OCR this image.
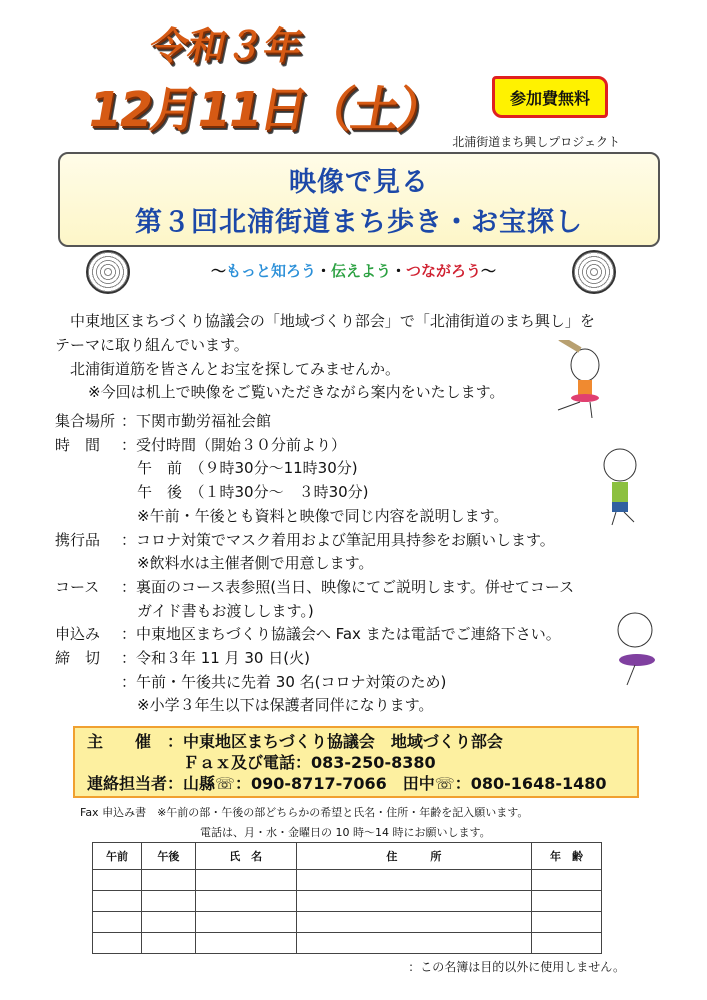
令和３年
12月11日（土）	参加費無料
北浦街道まち興しプロジェクト
映像で見る
第３回北浦街道まち歩き・お宝探し
～もっと知ろう・伝えよう・つながろう～
中東地区まちづくり協議会の「地域づくり部会」で「北浦街道のまち興し」を
テーマに取り組んでいます。
北浦街道筋を皆さんとお宝を探してみませんか。
※今回は机上で映像をご覧いただきながら案内をいたします。
集合場所 ：下関市勤労福祉会館
時　間 ：受付時間（開始３０分前より）
午　前　（９時30分～11時30分)
午　後　（１時30分～　３時30分)
※午前・午後とも資料と映像で同じ内容を説明します。
携行品 ：コロナ対策でマスク着用および筆記用具持参をお願いします。
※飲料水は主催者側で用意します。
コース ：裏面のコース表参照(当日、映像にてご説明します。併せてコース
ガイド書もお渡しします。)
申込み ：中東地区まちづくり協議会へ Fax または電話でご連絡下さい。
締　切 ：令和３年 11 月 30 日(火)
：午前・午後共に先着 30 名(コロナ対策のため)
※小学３年生以下は保護者同伴になります。
主　　催　：中東地区まちづくり協議会　地域づくり部会
　　　　　　Ｆａｘ及び電話：083-250-8380
連絡担当者：山縣☏：090-8717-7066　田中☏：080-1648-1480
Fax 申込み書　※午前の部・午後の部どちらかの希望と氏名・住所・年齢を記入願います。
電話は、月・水・金曜日の 10 時～14 時にお願いします。
午前	午後	氏　名	住　　　所	年　齢

：この名簿は目的以外に使用しません。
